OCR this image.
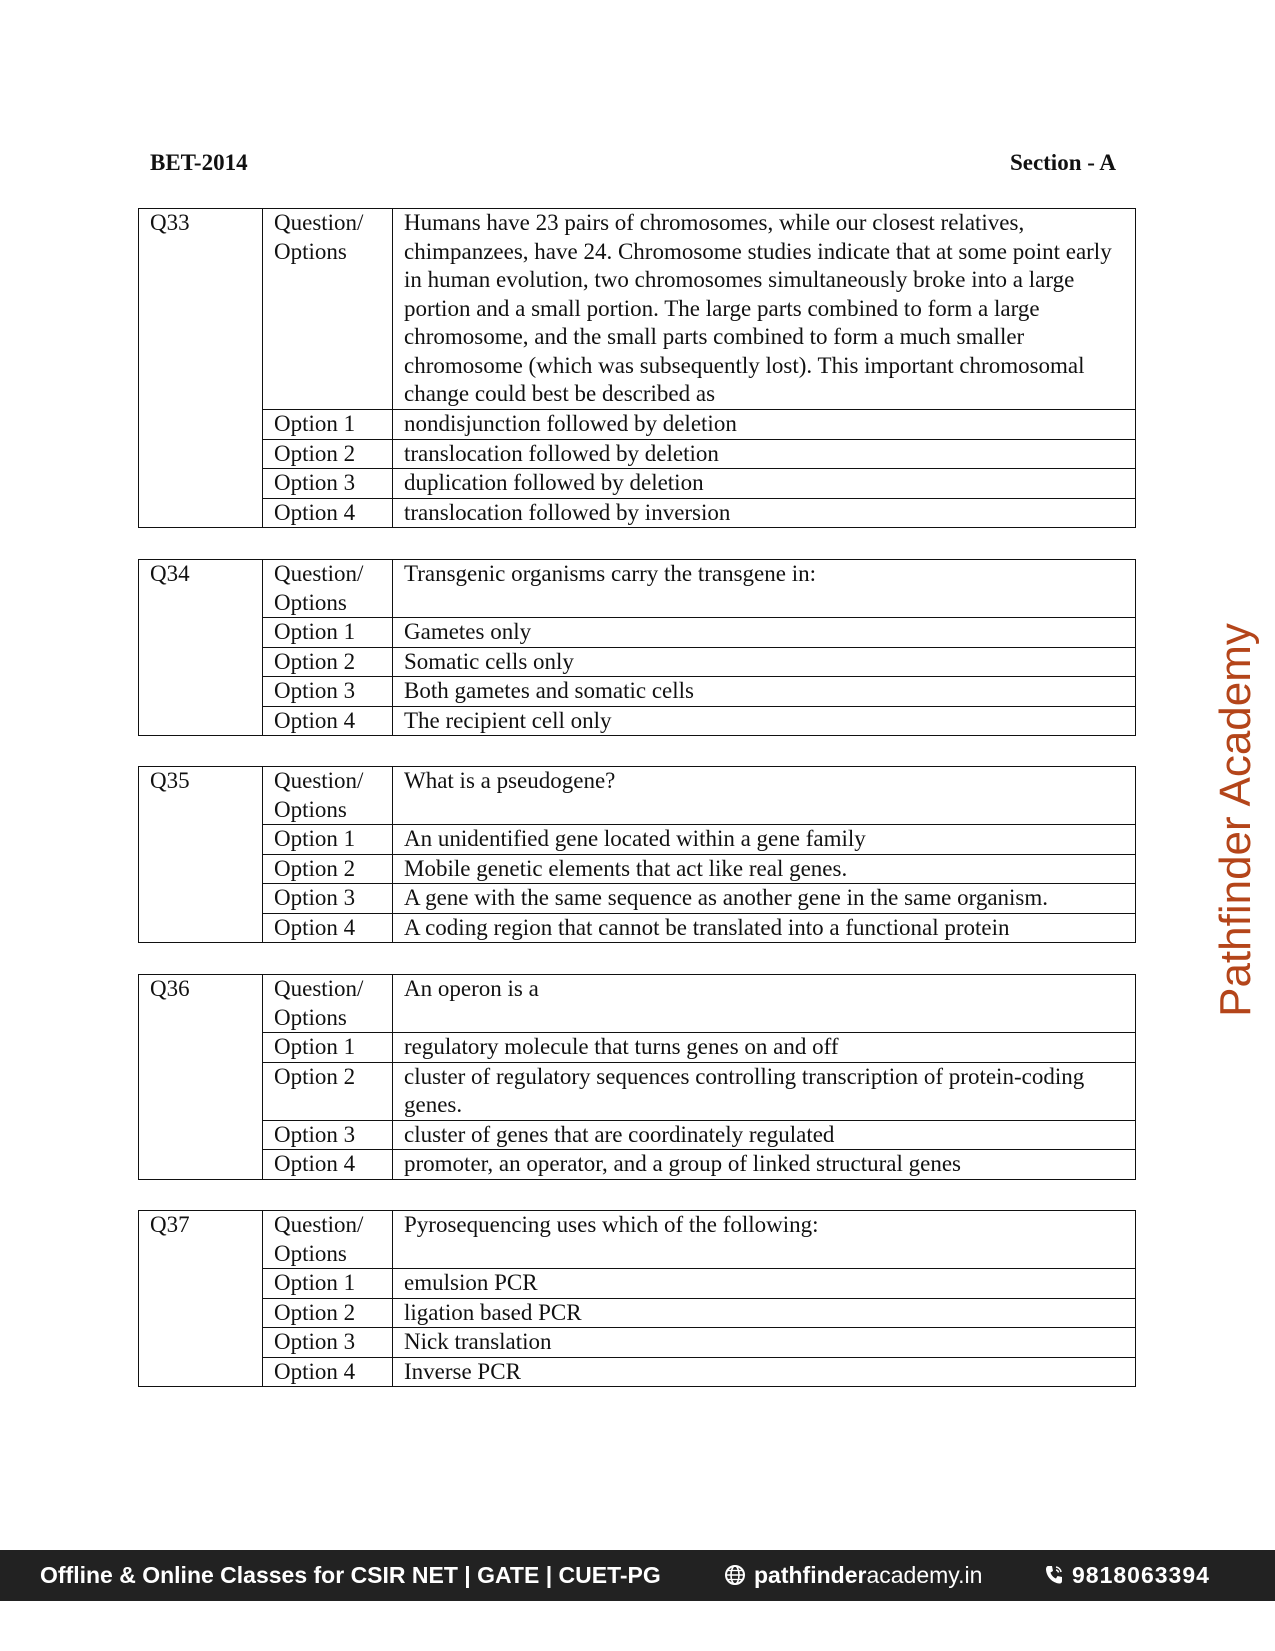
BET-2014	Section - A
Q33	Question/ Options	Humans have 23 pairs of chromosomes, while our closest relatives, chimpanzees, have 24. Chromosome studies indicate that at some point early in human evolution, two chromosomes simultaneously broke into a large portion and a small portion. The large parts combined to form a large chromosome, and the small parts combined to form a much smaller chromosome (which was subsequently lost). This important chromosomal change could best be described as
	Option 1	nondisjunction followed by deletion
	Option 2	translocation followed by deletion
	Option 3	duplication followed by deletion
	Option 4	translocation followed by inversion
Q34	Question/ Options	Transgenic organisms carry the transgene in:
	Option 1	Gametes only
	Option 2	Somatic cells only
	Option 3	Both gametes and somatic cells
	Option 4	The recipient cell only
Q35	Question/ Options	What is a pseudogene?
	Option 1	An unidentified gene located within a gene family
	Option 2	Mobile genetic elements that act like real genes.
	Option 3	A gene with the same sequence as another gene in the same organism.
	Option 4	A coding region that cannot be translated into a functional protein
Q36	Question/ Options	An operon is a
	Option 1	regulatory molecule that turns genes on and off
	Option 2	cluster of regulatory sequences controlling transcription of protein-coding genes.
	Option 3	cluster of genes that are coordinately regulated
	Option 4	promoter, an operator, and a group of linked structural genes
Q37	Question/ Options	Pyrosequencing uses which of the following:
	Option 1	emulsion PCR
	Option 2	ligation based PCR
	Option 3	Nick translation
	Option 4	Inverse PCR
Pathfinder Academy
Offline & Online Classes for CSIR NET | GATE | CUET-PG	pathfinderacademy.in	9818063394
